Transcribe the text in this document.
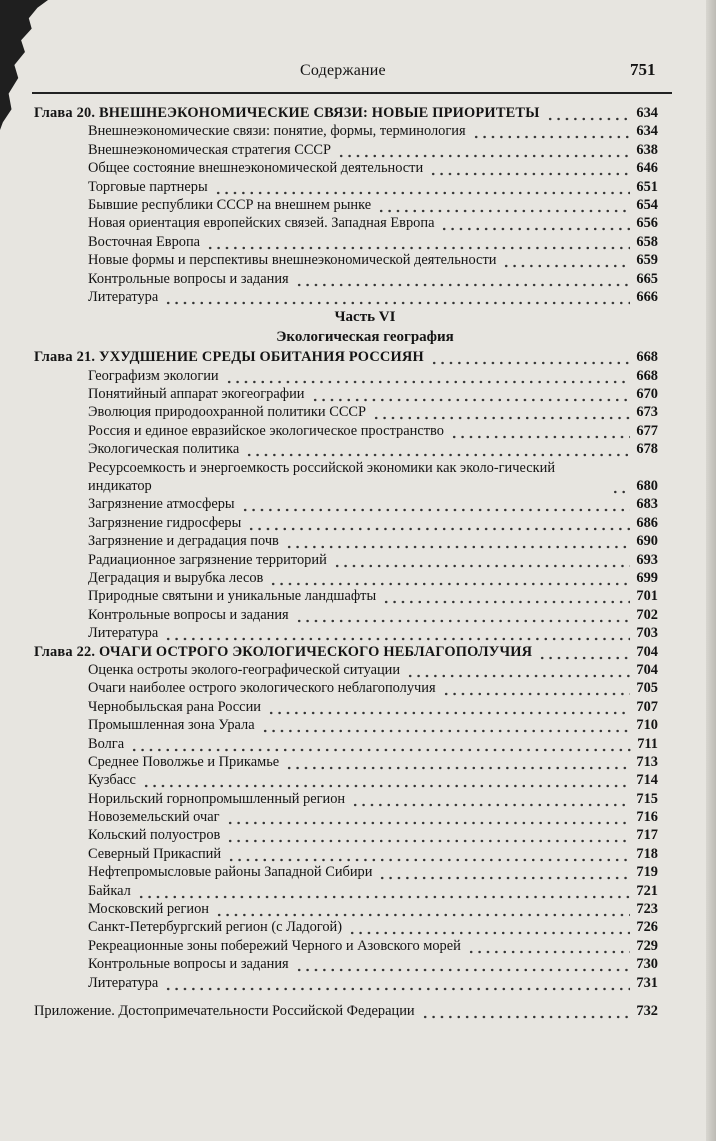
Содержание	751
Глава 20. ВНЕШНЕЭКОНОМИЧЕСКИЕ СВЯЗИ: НОВЫЕ ПРИОРИТЕТЫ	634
Внешнеэкономические связи: понятие, формы, терминология	634
Внешнеэкономическая стратегия СССР	638
Общее состояние внешнеэкономической деятельности	646
Торговые партнеры	651
Бывшие республики СССР на внешнем рынке	654
Новая ориентация европейских связей. Западная Европа	656
Восточная Европа	658
Новые формы и перспективы внешнеэкономической деятельности	659
Контрольные вопросы и задания	665
Литература	666
Часть VI
Экологическая география
Глава 21. УХУДШЕНИЕ СРЕДЫ ОБИТАНИЯ РОССИЯН	668
Географизм экологии	668
Понятийный аппарат экогеографии	670
Эволюция природоохранной политики СССР	673
Россия и единое евразийское экологическое пространство	677
Экологическая политика	678
Ресурсоемкость и энергоемкость российской экономики как эколо-гический индикатор	680
Загрязнение атмосферы	683
Загрязнение гидросферы	686
Загрязнение и деградация почв	690
Радиационное загрязнение территорий	693
Деградация и вырубка лесов	699
Природные святыни и уникальные ландшафты	701
Контрольные вопросы и задания	702
Литература	703
Глава 22. ОЧАГИ ОСТРОГО ЭКОЛОГИЧЕСКОГО НЕБЛАГОПОЛУЧИЯ	704
Оценка остроты эколого-географической ситуации	704
Очаги наиболее острого экологического неблагополучия	705
Чернобыльская рана России	707
Промышленная зона Урала	710
Волга	711
Среднее Поволжье и Прикамье	713
Кузбасс	714
Норильский горнопромышленный регион	715
Новоземельский очаг	716
Кольский полуостров	717
Северный Прикаспий	718
Нефтепромысловые районы Западной Сибири	719
Байкал	721
Московский регион	723
Санкт-Петербургский регион (с Ладогой)	726
Рекреационные зоны побережий Черного и Азовского морей	729
Контрольные вопросы и задания	730
Литература	731
Приложение. Достопримечательности Российской Федерации	732
